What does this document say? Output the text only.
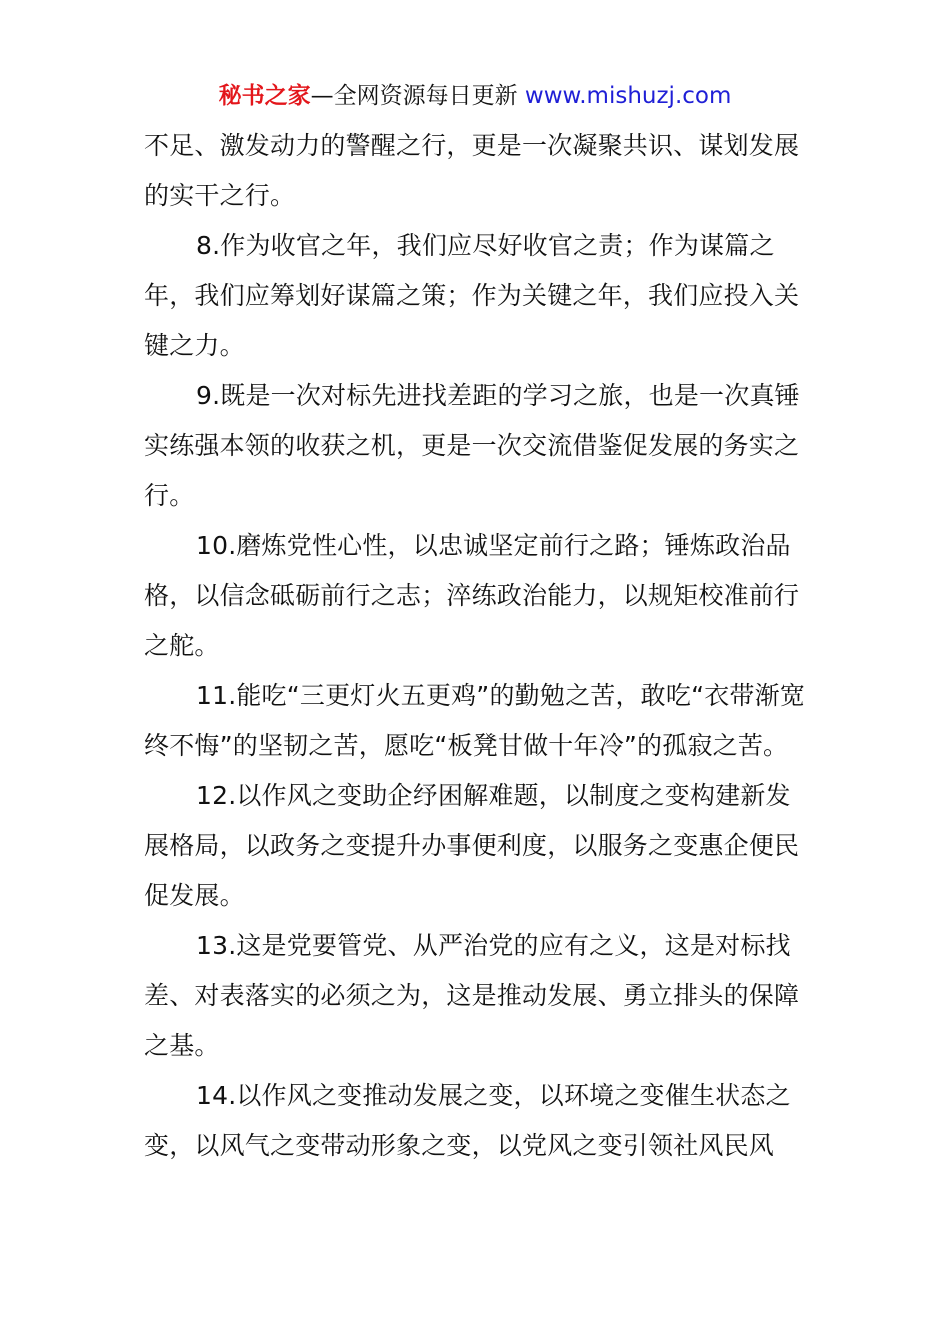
秘书之家—全网资源每日更新 www.mishuzj.com

不足、激发动力的警醒之行，更是一次凝聚共识、谋划发展的实干之行。

8.作为收官之年，我们应尽好收官之责；作为谋篇之年，我们应筹划好谋篇之策；作为关键之年，我们应投入关键之力。

9.既是一次对标先进找差距的学习之旅，也是一次真锤实练强本领的收获之机，更是一次交流借鉴促发展的务实之行。

10.磨炼党性心性，以忠诚坚定前行之路；锤炼政治品格，以信念砥砺前行之志；淬练政治能力，以规矩校准前行之舵。

11.能吃“三更灯火五更鸡”的勤勉之苦，敢吃“衣带渐宽终不悔”的坚韧之苦，愿吃“板凳甘做十年冷”的孤寂之苦。

12.以作风之变助企纾困解难题，以制度之变构建新发展格局，以政务之变提升办事便利度，以服务之变惠企便民促发展。

13.这是党要管党、从严治党的应有之义，这是对标找差、对表落实的必须之为，这是推动发展、勇立排头的保障之基。

14.以作风之变推动发展之变，以环境之变催生状态之变，以风气之变带动形象之变，以党风之变引领社风民风
